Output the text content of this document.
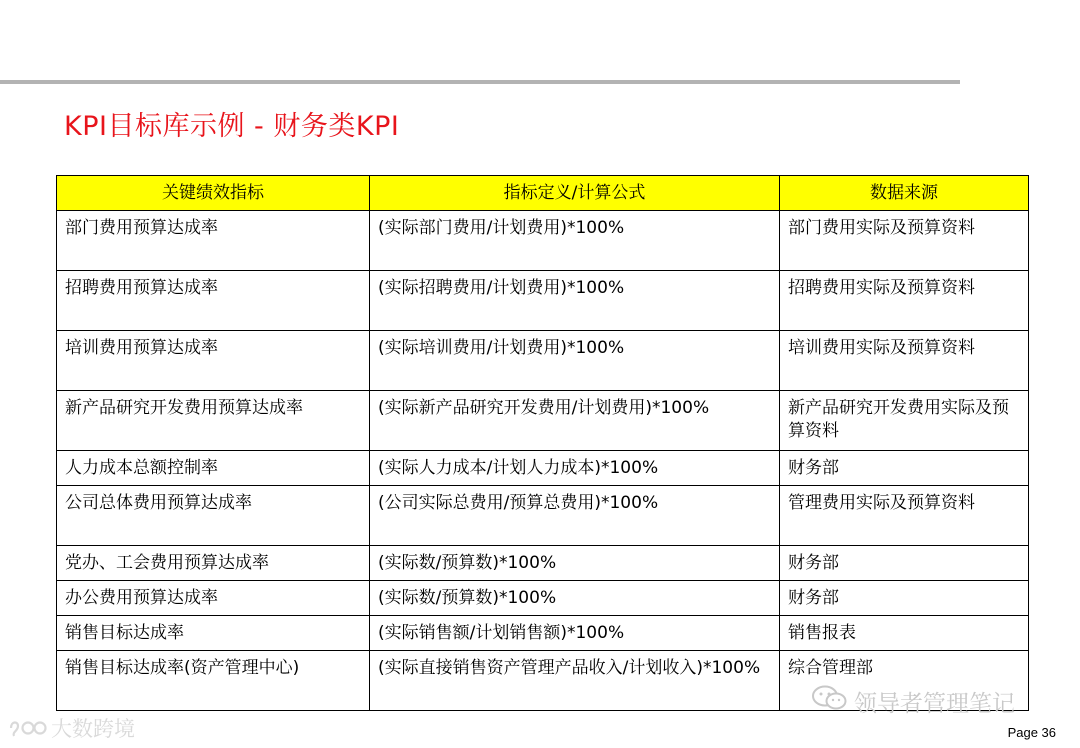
KPI目标库示例 - 财务类KPI
关键绩效指标	指标定义/计算公式	数据来源
部门费用预算达成率	(实际部门费用/计划费用)*100%	部门费用实际及预算资料
招聘费用预算达成率	(实际招聘费用/计划费用)*100%	招聘费用实际及预算资料
培训费用预算达成率	(实际培训费用/计划费用)*100%	培训费用实际及预算资料
新产品研究开发费用预算达成率	(实际新产品研究开发费用/计划费用)*100%	新产品研究开发费用实际及预算资料
人力成本总额控制率	(实际人力成本/计划人力成本)*100%	财务部
公司总体费用预算达成率	(公司实际总费用/预算总费用)*100%	管理费用实际及预算资料
党办、工会费用预算达成率	(实际数/预算数)*100%	财务部
办公费用预算达成率	(实际数/预算数)*100%	财务部
销售目标达成率	(实际销售额/计划销售额)*100%	销售报表
销售目标达成率(资产管理中心)	(实际直接销售资产管理产品收入/计划收入)*100%	综合管理部
大数跨境
领导者管理笔记
Page 36
